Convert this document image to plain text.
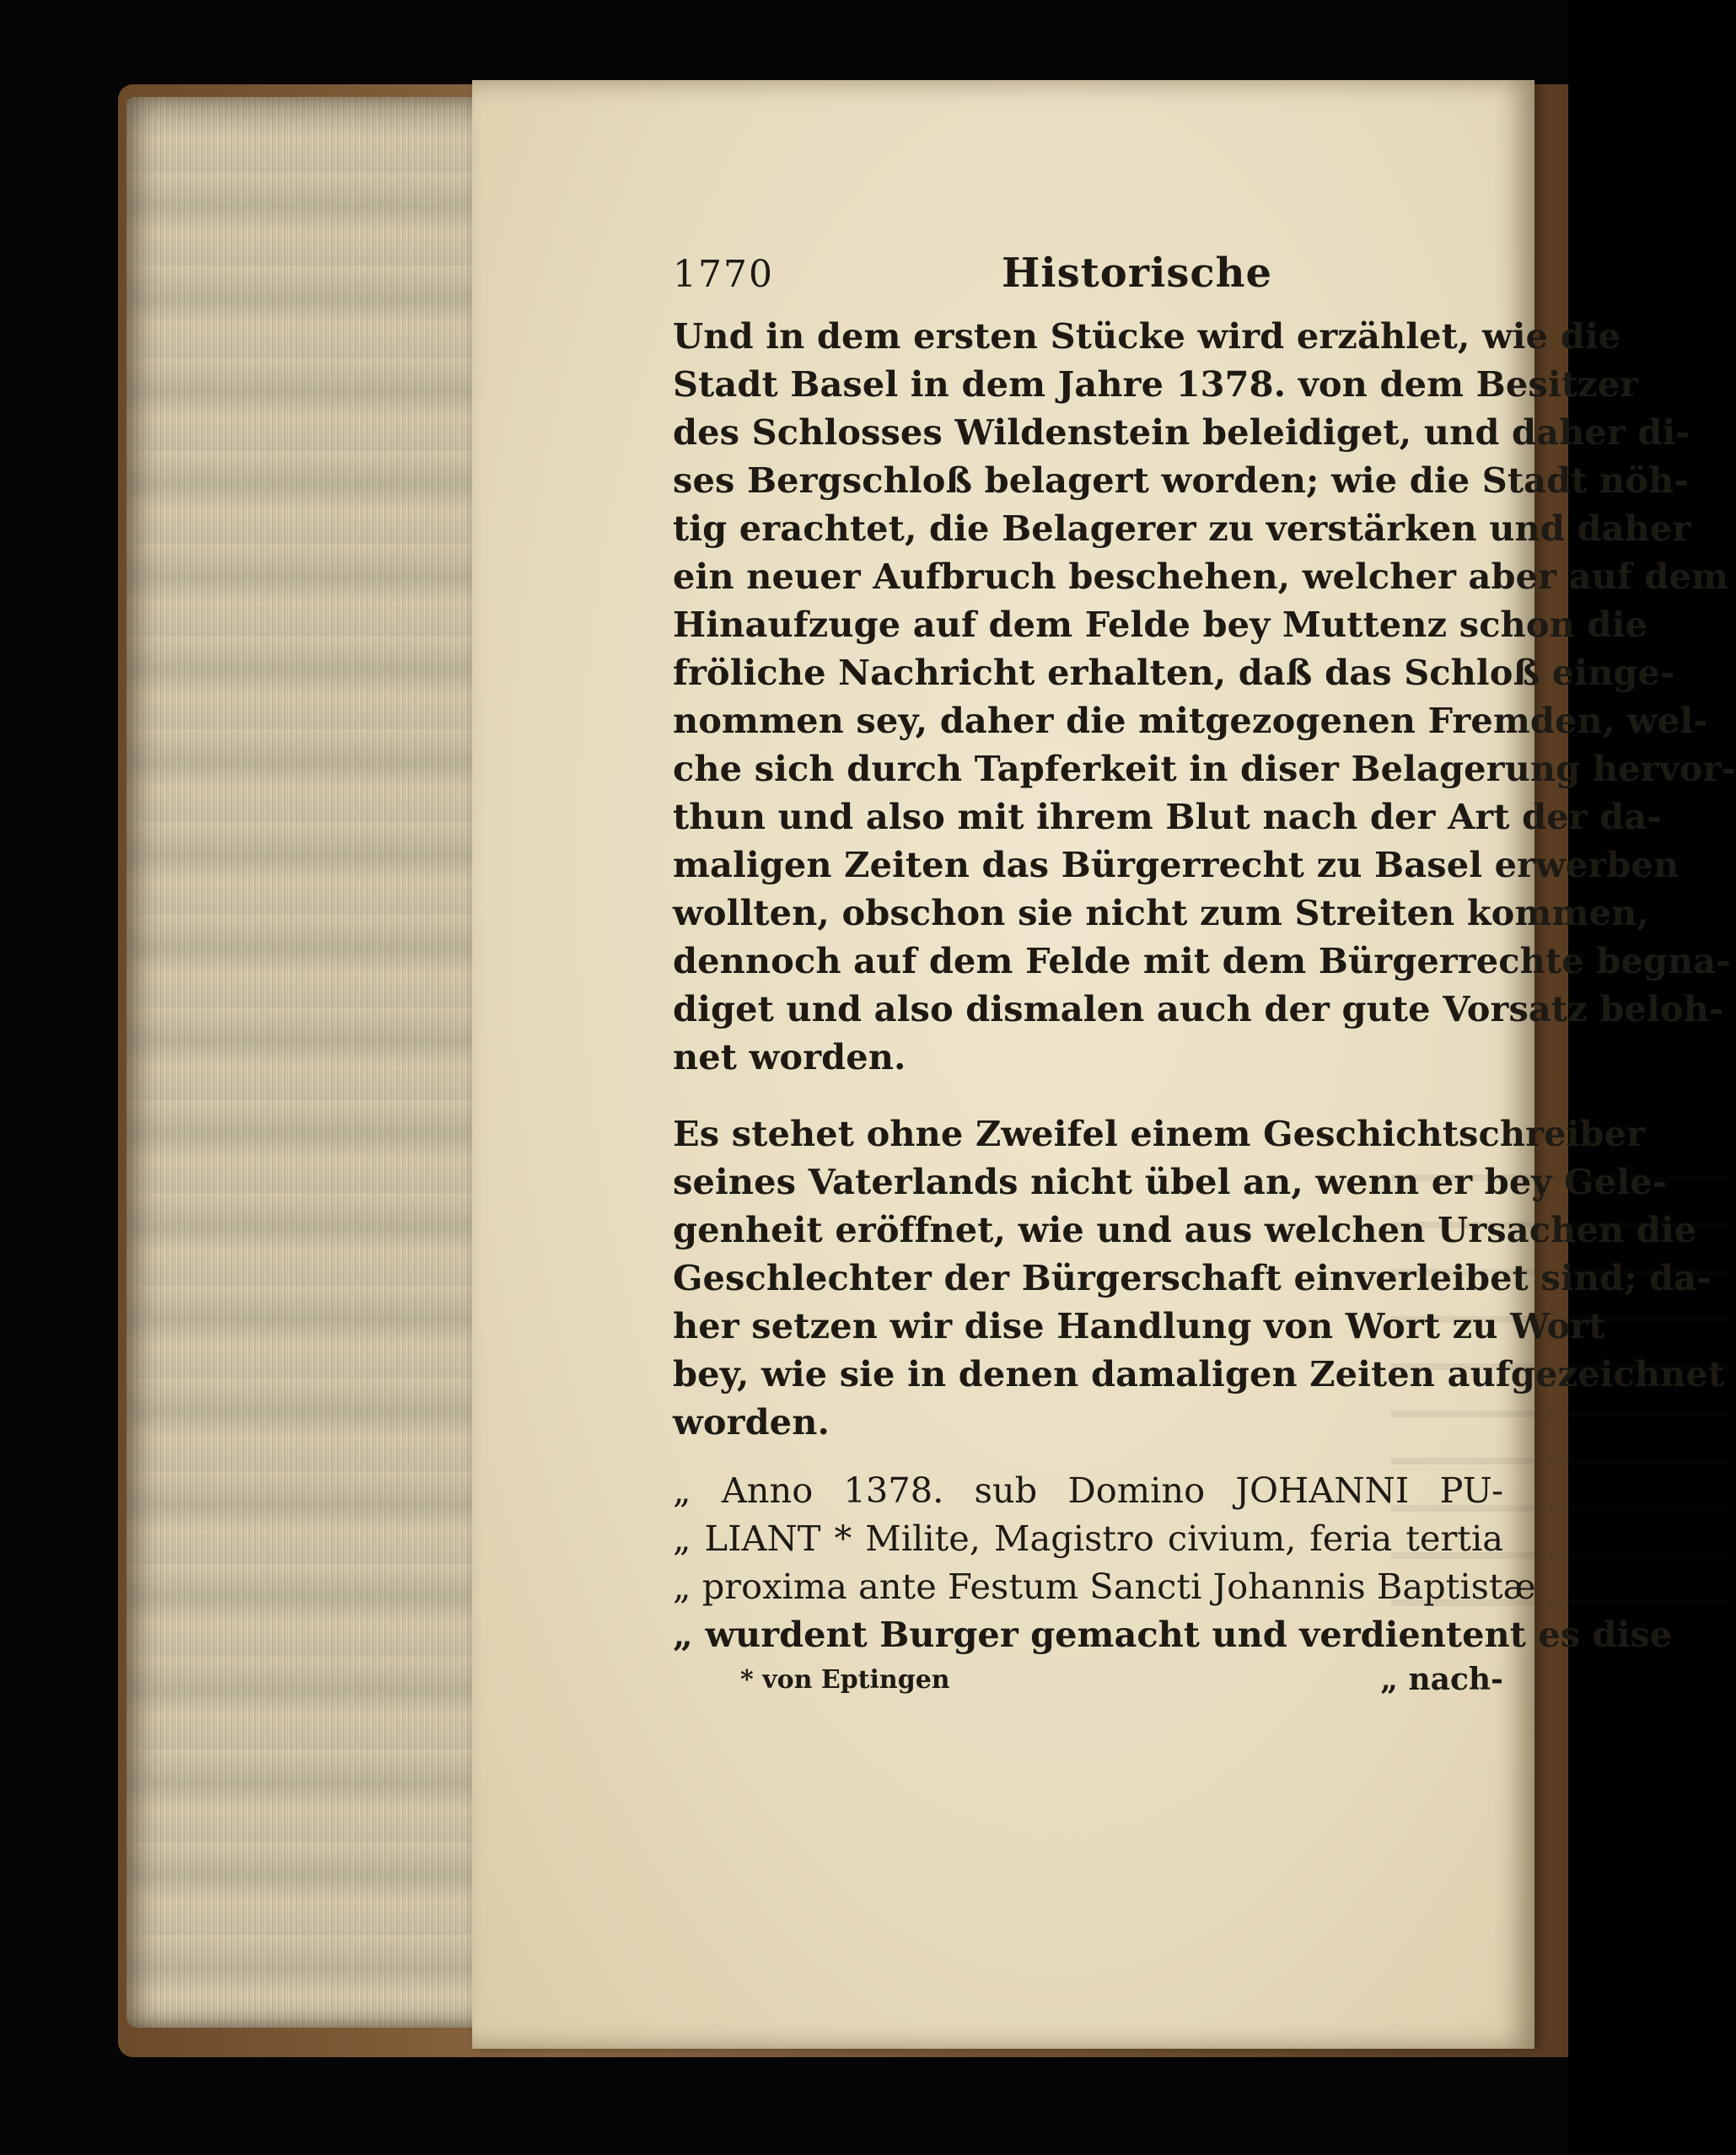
1770	Historische
Und in dem ersten Stücke wird erzählet, wie die
Stadt Basel in dem Jahre 1378. von dem Besitzer
des Schlosses Wildenstein beleidiget, und daher di-
ses Bergschloß belagert worden; wie die Stadt nöh-
tig erachtet, die Belagerer zu verstärken und daher
ein neuer Aufbruch beschehen, welcher aber auf dem
Hinaufzuge auf dem Felde bey Muttenz schon die
fröliche Nachricht erhalten, daß das Schloß einge-
nommen sey, daher die mitgezogenen Fremden, wel-
che sich durch Tapferkeit in diser Belagerung hervor-
thun und also mit ihrem Blut nach der Art der da-
maligen Zeiten das Bürgerrecht zu Basel erwerben
wollten, obschon sie nicht zum Streiten kommen,
dennoch auf dem Felde mit dem Bürgerrechte begna-
diget und also dismalen auch der gute Vorsatz beloh-
net worden.
Es stehet ohne Zweifel einem Geschichtschreiber
seines Vaterlands nicht übel an, wenn er bey Gele-
genheit eröffnet, wie und aus welchen Ursachen die
Geschlechter der Bürgerschaft einverleibet sind; da-
her setzen wir dise Handlung von Wort zu Wort
bey, wie sie in denen damaligen Zeiten aufgezeichnet
worden.
„ Anno 1378. sub Domino JOHANNI PU-
„ LIANT * Milite, Magistro civium, feria tertia
„ proxima ante Festum Sancti Johannis Baptistæ
„ wurdent Burger gemacht und verdientent es dise
* von Eptingen	„ nach-
